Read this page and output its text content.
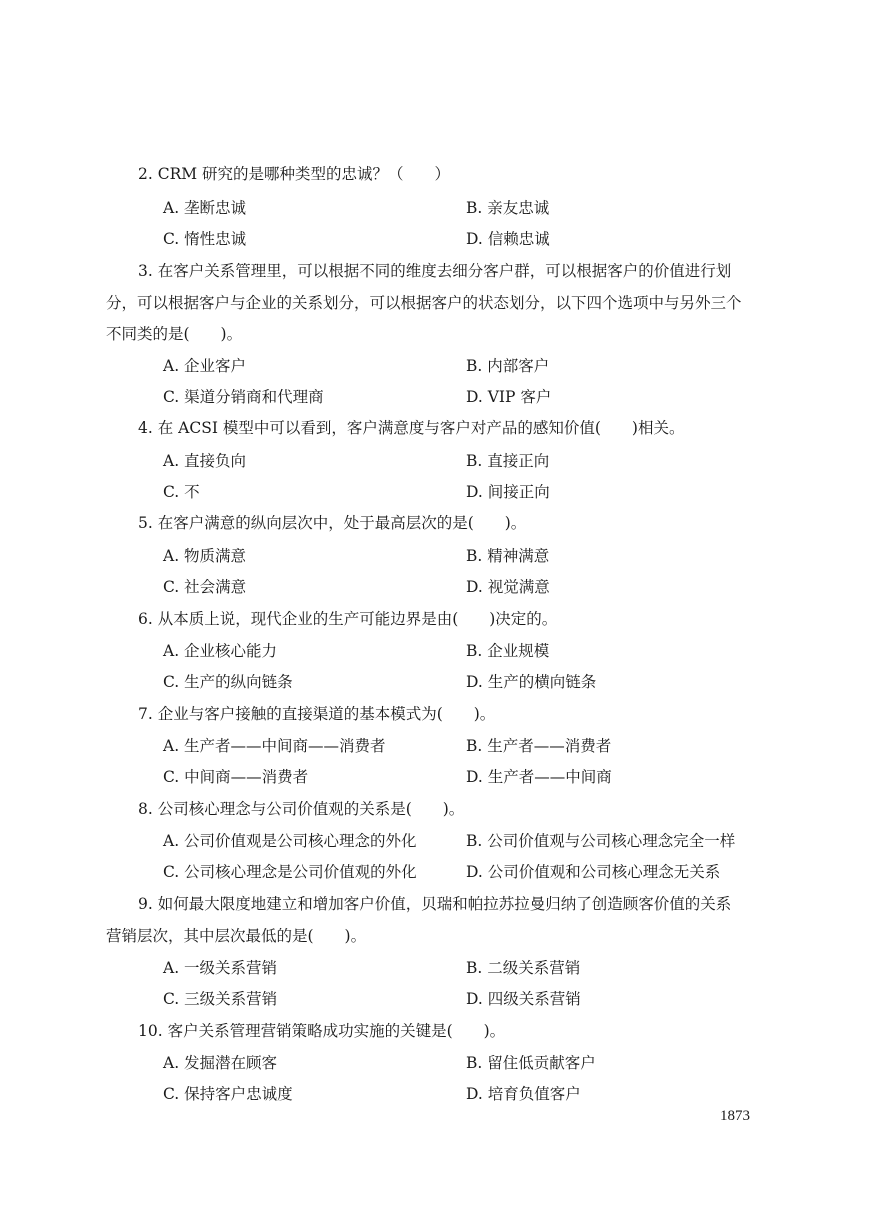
2. CRM 研究的是哪种类型的忠诚？（　　）
A. 垄断忠诚	B. 亲友忠诚
C. 惰性忠诚	D. 信赖忠诚
3. 在客户关系管理里，可以根据不同的维度去细分客户群，可以根据客户的价值进行划
分，可以根据客户与企业的关系划分，可以根据客户的状态划分，以下四个选项中与另外三个
不同类的是(　　)。
A. 企业客户	B. 内部客户
C. 渠道分销商和代理商	D. VIP 客户
4. 在 ACSI 模型中可以看到，客户满意度与客户对产品的感知价值(　　)相关。
A. 直接负向	B. 直接正向
C. 不	D. 间接正向
5. 在客户满意的纵向层次中，处于最高层次的是(　　)。
A. 物质满意	B. 精神满意
C. 社会满意	D. 视觉满意
6. 从本质上说，现代企业的生产可能边界是由(　　)决定的。
A. 企业核心能力	B. 企业规模
C. 生产的纵向链条	D. 生产的横向链条
7. 企业与客户接触的直接渠道的基本模式为(　　)。
A. 生产者——中间商——消费者	B. 生产者——消费者
C. 中间商——消费者	D. 生产者——中间商
8. 公司核心理念与公司价值观的关系是(　　)。
A. 公司价值观是公司核心理念的外化	B. 公司价值观与公司核心理念完全一样
C. 公司核心理念是公司价值观的外化	D. 公司价值观和公司核心理念无关系
9. 如何最大限度地建立和增加客户价值，贝瑞和帕拉苏拉曼归纳了创造顾客价值的关系
营销层次，其中层次最低的是(　　)。
A. 一级关系营销	B. 二级关系营销
C. 三级关系营销	D. 四级关系营销
10. 客户关系管理营销策略成功实施的关键是(　　)。
A. 发掘潜在顾客	B. 留住低贡献客户
C. 保持客户忠诚度	D. 培育负值客户
1873
